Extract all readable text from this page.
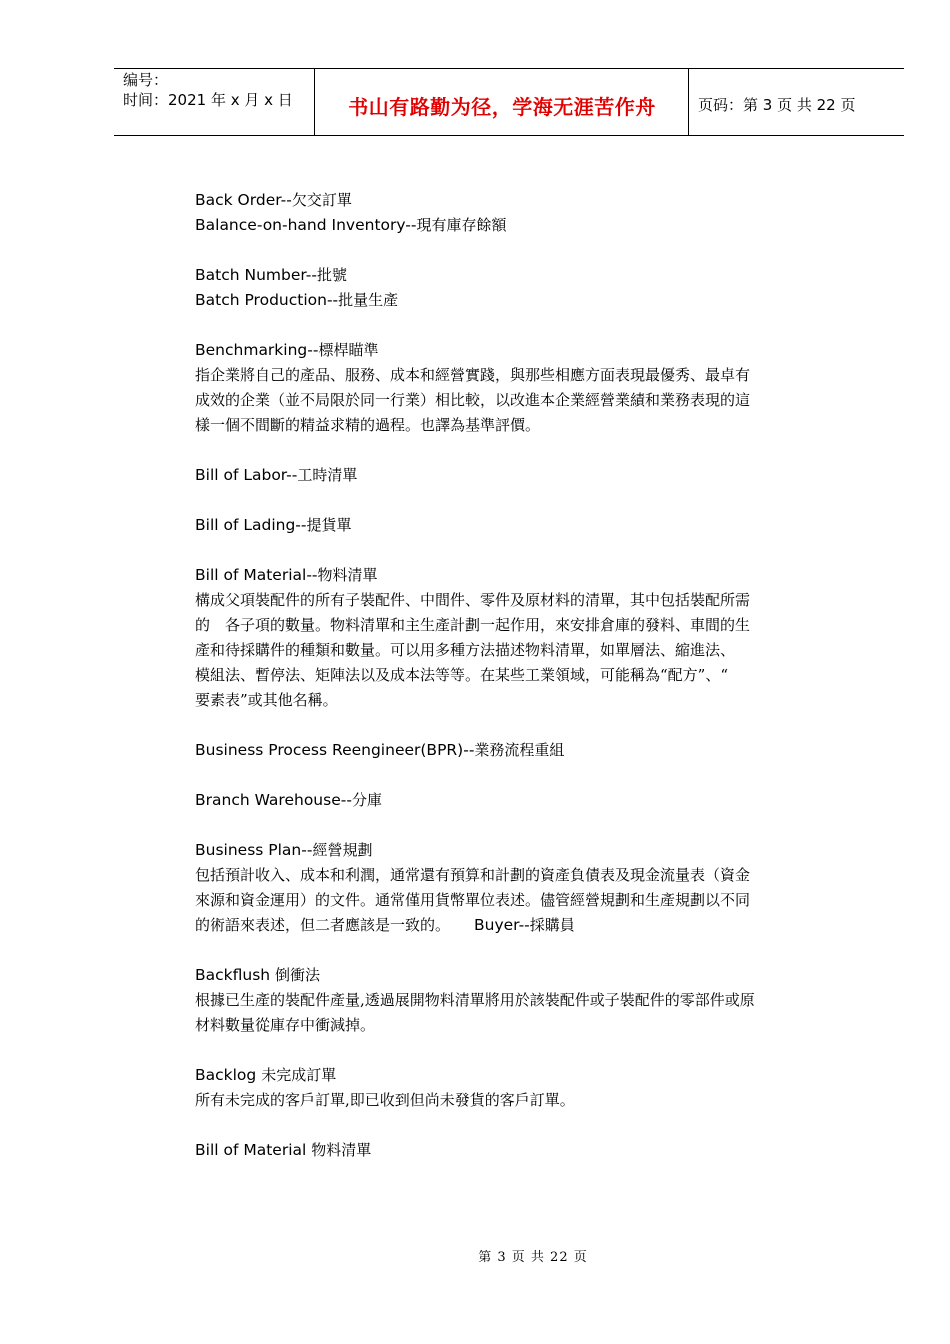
编号：
时间：2021 年 x 月 x 日	书山有路勤为径，学海无涯苦作舟	页码：第 3 页 共 22 页
Back Order--欠交訂單
Balance-on-hand Inventory--現有庫存餘額
Batch Number--批號
Batch Production--批量生產
Benchmarking--標桿瞄準
指企業將自己的產品、服務、成本和經營實踐，與那些相應方面表現最優秀、最卓有
成效的企業（並不局限於同一行業）相比較，以改進本企業經營業績和業務表現的這
樣一個不間斷的精益求精的過程。也譯為基準評價。
Bill of Labor--工時清單
Bill of Lading--提貨單
Bill of Material--物料清單
構成父項裝配件的所有子裝配件、中間件、零件及原材料的清單，其中包括裝配所需
的　各子項的數量。物料清單和主生產計劃一起作用，來安排倉庫的發料、車間的生
產和待採購件的種類和數量。可以用多種方法描述物料清單，如單層法、縮進法、
模組法、暫停法、矩陣法以及成本法等等。在某些工業領域，可能稱為“配方”、“
要素表”或其他名稱。
Business Process Reengineer(BPR)--業務流程重組
Branch Warehouse--分庫
Business Plan--經營規劃
包括預計收入、成本和利潤，通常還有預算和計劃的資產負債表及現金流量表（資金
來源和資金運用）的文件。通常僅用貨幣單位表述。儘管經營規劃和生產規劃以不同
的術語來表述，但二者應該是一致的。 Buyer--採購員
Backflush 倒衝法
根據已生產的裝配件產量,透過展開物料清單將用於該裝配件或子裝配件的零部件或原
材料數量從庫存中衝減掉。
Backlog 未完成訂單
所有未完成的客戶訂單,即已收到但尚未發貨的客戶訂單。
Bill of Material 物料清單
第 3 页 共 22 页
